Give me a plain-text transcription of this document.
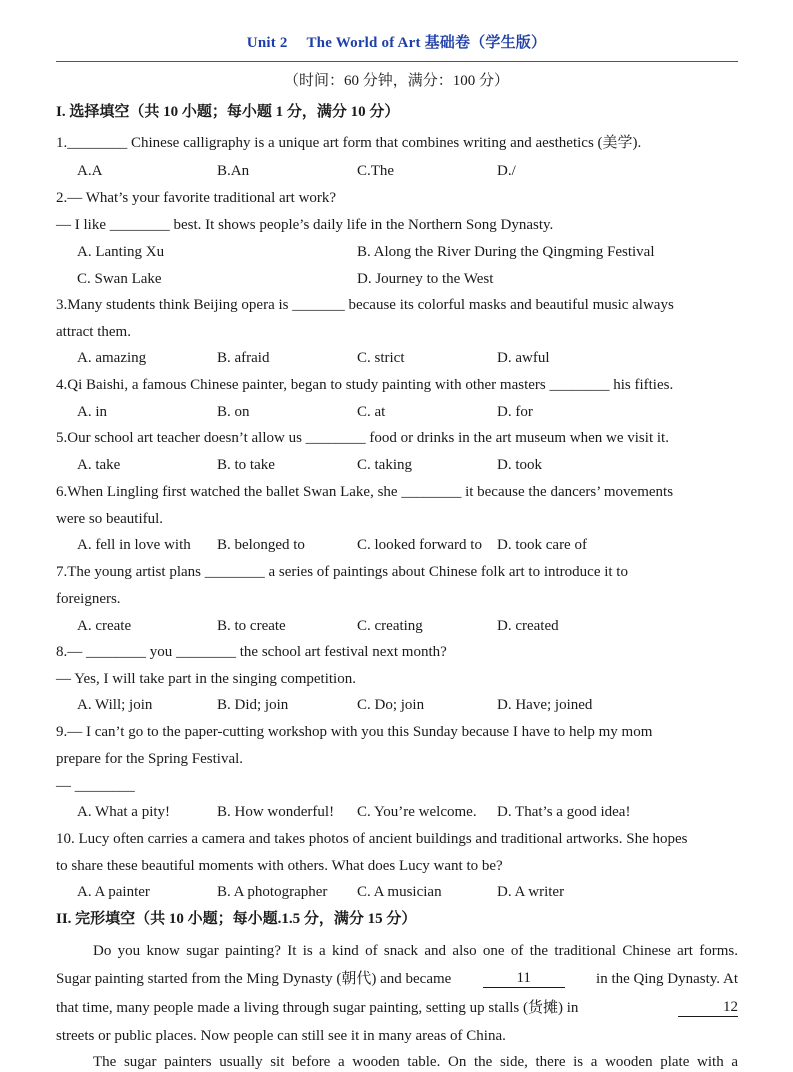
Unit 2  The World of Art 基础卷（学生版）
（时间：60 分钟，满分：100 分）
I. 选择填空（共 10 小题；每小题 1 分，满分 10 分）
1.________ Chinese calligraphy is a unique art form that combines writing and aesthetics (美学).
A.A	B.An	C.The	D./
2.— What’s your favorite traditional art work?
— I like ________ best. It shows people’s daily life in the Northern Song Dynasty.
A. Lanting Xu	B. Along the River During the Qingming Festival
C. Swan Lake	D. Journey to the West
3.Many students think Beijing opera is _______ because its colorful masks and beautiful music always
attract them.
A. amazing	B. afraid	C. strict	D. awful
4.Qi Baishi, a famous Chinese painter, began to study painting with other masters ________ his fifties.
A. in	B. on	C. at	D. for
5.Our school art teacher doesn’t allow us ________ food or drinks in the art museum when we visit it.
A. take	B. to take	C. taking	D. took
6.When Lingling first watched the ballet Swan Lake, she ________ it because the dancers’ movements
were so beautiful.
A. fell in love with B. belonged to	C. looked forward to D. took care of
7.The young artist plans ________ a series of paintings about Chinese folk art to introduce it to
foreigners.
A. create	B. to create	C. creating	D. created
8.— ________ you ________ the school art festival next month?
— Yes, I will take part in the singing competition.
A. Will; join	B. Did; join	C. Do; join	D. Have; joined
9.— I can’t go to the paper-cutting workshop with you this Sunday because I have to help my mom
prepare for the Spring Festival.
— ________
A. What a pity!	B. How wonderful! C. You’re welcome. D. That’s a good idea!
10. Lucy often carries a camera and takes photos of ancient buildings and traditional artworks. She hopes
to share these beautiful moments with others. What does Lucy want to be?
A. A painter	B. A photographer C. A musician	D. A writer
II. 完形填空（共 10 小题；每小题.1.5 分，满分 15 分）
Do you know sugar painting? It is a kind of snack and also one of the traditional Chinese art forms.
Sugar painting started from the Ming Dynasty (朝代) and became	11	in the Qing Dynasty. At
that time, many people made a living through sugar painting, setting up stalls (货摊) in	12
streets or public places. Now people can still see it in many areas of China.
The sugar painters usually sit before a wooden table. On the side, there is a wooden plate with a
